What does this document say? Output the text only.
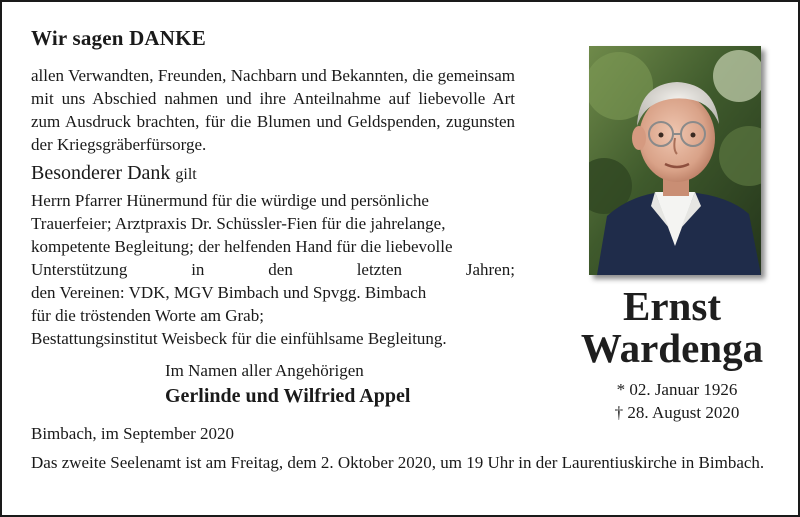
Wir sagen DANKE
allen Verwandten, Freunden, Nachbarn und Bekannten, die gemeinsam mit uns Abschied nahmen und ihre Anteilnahme auf liebevolle Art zum Ausdruck brachten, für die Blumen und Geldspenden, zugunsten der Kriegsgräberfürsorge.
Besonderer Dank gilt
Herrn Pfarrer Hünermund für die würdige und persönliche
Trauerfeier; Arztpraxis Dr. Schüssler-Fien für die jahrelange,
kompetente Begleitung; der helfenden Hand für die liebevolle
Unterstützung	in	den	letzten	Jahren;
den Vereinen: VDK, MGV Bimbach und Spvgg. Bimbach
für die tröstenden Worte am Grab;
Bestattungsinstitut Weisbeck für die einfühlsame Begleitung.
Im Namen aller Angehörigen
Gerlinde und Wilfried Appel
Bimbach, im September 2020
Das zweite Seelenamt ist am Freitag, dem 2. Oktober 2020, um 19 Uhr in der Laurentiuskirche in Bimbach.
Ernst
Wardenga
* 02. Januar 1926
† 28. August 2020
